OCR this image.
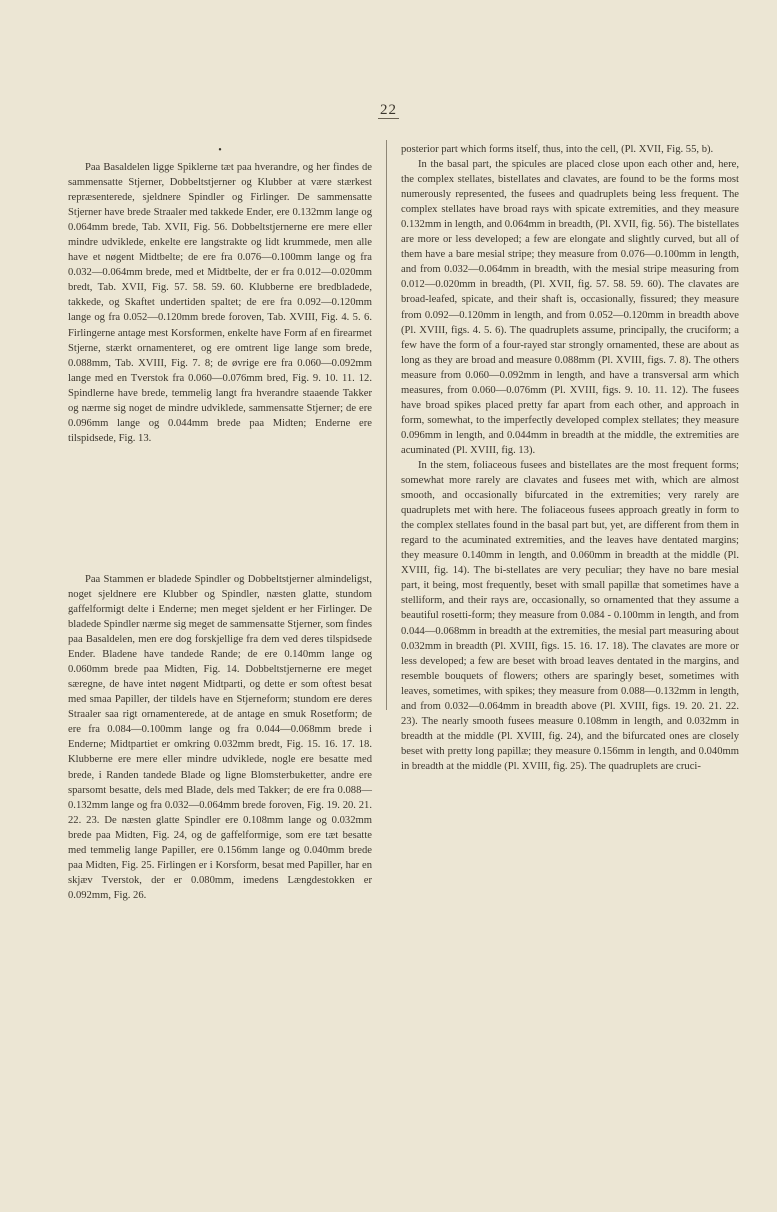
22
•

Paa Basaldelen ligge Spiklerne tæt paa hverandre, og her findes de sammensatte Stjerner, Dobbeltstjerner og Klubber at være stærkest repræsenterede, sjeldnere Spindler og Firlinger. De sammensatte Stjerner have brede Straaler med takkede Ender, ere 0.132mm lange og 0.064mm brede, Tab. XVII, Fig. 56. Dobbeltstjernerne ere mere eller mindre udviklede, enkelte ere langstrakte og lidt krummede, men alle have et nøgent Midtbelte; de ere fra 0.076—0.100mm lange og fra 0.032—0.064mm brede, med et Midtbelte, der er fra 0.012—0.020mm bredt, Tab. XVII, Fig. 57. 58. 59. 60. Klubberne ere bredbladede, takkede, og Skaftet undertiden spaltet; de ere fra 0.092—0.120mm lange og fra 0.052—0.120mm brede foroven, Tab. XVIII, Fig. 4. 5. 6. Firlingerne antage mest Korsformen, enkelte have Form af en firearmet Stjerne, stærkt ornamenteret, og ere omtrent lige lange som brede, 0.088mm, Tab. XVIII, Fig. 7. 8; de øvrige ere fra 0.060—0.092mm lange med en Tverstok fra 0.060—0.076mm bred, Fig. 9. 10. 11. 12. Spindlerne have brede, temmelig langt fra hverandre staaende Takker og nærme sig noget de mindre udviklede, sammensatte Stjerner; de ere 0.096mm lange og 0.044mm brede paa Midten; Enderne ere tilspidsede, Fig. 13.

Paa Stammen er bladede Spindler og Dobbeltstjerner almindeligst, noget sjeldnere ere Klubber og Spindler, næsten glatte, stundom gaffelformigt delte i Enderne; men meget sjeldent er her Firlinger. De bladede Spindler nærme sig meget de sammensatte Stjerner, som findes paa Basaldelen, men ere dog forskjellige fra dem ved deres tilspidsede Ender. Bladene have tandede Rande; de ere 0.140mm lange og 0.060mm brede paa Midten, Fig. 14. Dobbeltstjernerne ere meget særegne, de have intet nøgent Midtparti, og dette er som oftest besat med smaa Papiller, der tildels have en Stjerneform; stundom ere deres Straaler saa rigt ornamenterede, at de antage en smuk Rosetform; de ere fra 0.084—0.100mm lange og fra 0.044—0.068mm brede i Enderne; Midtpartiet er omkring 0.032mm bredt, Fig. 15. 16. 17. 18. Klubberne ere mere eller mindre udviklede, nogle ere besatte med brede, i Randen tandede Blade og ligne Blomsterbuketter, andre ere sparsomt besatte, dels med Blade, dels med Takker; de ere fra 0.088—0.132mm lange og fra 0.032—0.064mm brede foroven, Fig. 19. 20. 21. 22. 23. De næsten glatte Spindler ere 0.108mm lange og 0.032mm brede paa Midten, Fig. 24, og de gaffelformige, som ere tæt besatte med temmelig lange Papiller, ere 0.156mm lange og 0.040mm brede paa Midten, Fig. 25. Firlingen er i Korsform, besat med Papiller, har en skjæv Tverstok, der er 0.080mm, imedens Længdestokken er 0.092mm, Fig. 26.

posterior part which forms itself, thus, into the cell, (Pl. XVII, Fig. 55, b).

In the basal part, the spicules are placed close upon each other and, here, the complex stellates, bistellates and clavates, are found to be the forms most numerously represented, the fusees and quadruplets being less frequent. The complex stellates have broad rays with spicate extremities, and they measure 0.132mm in length, and 0.064mm in breadth, (Pl. XVII, fig. 56). The bistellates are more or less developed; a few are elongate and slightly curved, but all of them have a bare mesial stripe; they measure from 0.076—0.100mm in length, and from 0.032—0.064mm in breadth, with the mesial stripe measuring from 0.012—0.020mm in breadth, (Pl. XVII, fig. 57. 58. 59. 60). The clavates are broad-leafed, spicate, and their shaft is, occasionally, fissured; they measure from 0.092—0.120mm in length, and from 0.052—0.120mm in breadth above (Pl. XVIII, figs. 4. 5. 6). The quadruplets assume, principally, the cruciform; a few have the form of a four-rayed star strongly ornamented, these are about as long as they are broad and measure 0.088mm (Pl. XVIII, figs. 7. 8). The others measure from 0.060—0.092mm in length, and have a transversal arm which measures, from 0.060—0.076mm (Pl. XVIII, figs. 9. 10. 11. 12). The fusees have broad spikes placed pretty far apart from each other, and approach in form, somewhat, to the imperfectly developed complex stellates; they measure 0.096mm in length, and 0.044mm in breadth at the middle, the extremities are acuminated (Pl. XVIII, fig. 13).

In the stem, foliaceous fusees and bistellates are the most frequent forms; somewhat more rarely are clavates and fusees met with, which are almost smooth, and occasionally bifurcated in the extremities; very rarely are quadruplets met with here. The foliaceous fusees approach greatly in form to the complex stellates found in the basal part but, yet, are different from them in regard to the acuminated extremities, and the leaves have dentated margins; they measure 0.140mm in length, and 0.060mm in breadth at the middle (Pl. XVIII, fig. 14). The bi-stellates are very peculiar; they have no bare mesial part, it being, most frequently, beset with small papillæ that sometimes have a stelliform, and their rays are, occasionally, so ornamented that they assume a beautiful rosetti-form; they measure from 0.084 - 0.100mm in length, and from 0.044—0.068mm in breadth at the extremities, the mesial part measuring about 0.032mm in breadth (Pl. XVIII, figs. 15. 16. 17. 18). The clavates are more or less developed; a few are beset with broad leaves dentated in the margins, and resemble bouquets of flowers; others are sparingly beset, sometimes with leaves, sometimes, with spikes; they measure from 0.088—0.132mm in length, and from 0.032—0.064mm in breadth above (Pl. XVIII, figs. 19. 20. 21. 22. 23). The nearly smooth fusees measure 0.108mm in length, and 0.032mm in breadth at the middle (Pl. XVIII, fig. 24), and the bifurcated ones are closely beset with pretty long papillæ; they measure 0.156mm in length, and 0.040mm in breadth at the middle (Pl. XVIII, fig. 25). The quadruplets are cruci-
